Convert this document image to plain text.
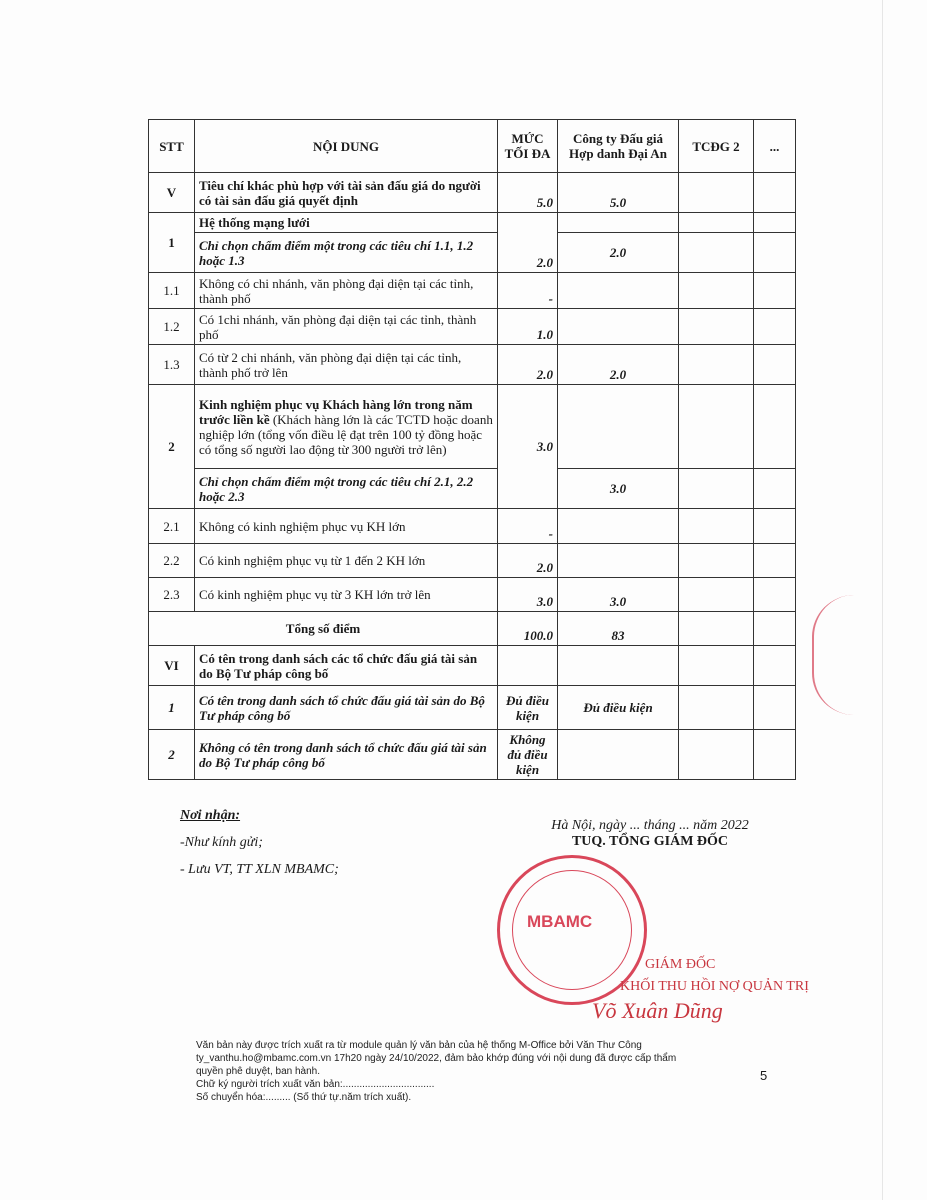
STT	NỘI DUNG	MỨC TỐI ĐA	Công ty Đấu giá Hợp danh Đại An	TCĐG 2	...
V	Tiêu chí khác phù hợp với tài sản đấu giá do người có tài sản đấu giá quyết định	5.0	5.0		
1	Hệ thống mạng lưới	2.0			
	Chỉ chọn chấm điểm một trong các tiêu chí 1.1, 1.2 hoặc 1.3		2.0		
1.1	Không có chi nhánh, văn phòng đại diện tại các tỉnh, thành phố	-			
1.2	Có 1chi nhánh, văn phòng đại diện tại các tỉnh, thành phố	1.0			
1.3	Có từ 2 chi nhánh, văn phòng đại diện tại các tỉnh, thành phố trở lên	2.0	2.0		
2	Kinh nghiệm phục vụ Khách hàng lớn trong năm trước liền kề (Khách hàng lớn là các TCTD hoặc doanh nghiệp lớn (tổng vốn điều lệ đạt trên 100 tỷ đồng hoặc có tổng số người lao động từ 300 người trở lên)	3.0			
	Chỉ chọn chấm điểm một trong các tiêu chí 2.1, 2.2 hoặc 2.3		3.0		
2.1	Không có kinh nghiệm phục vụ KH lớn	-			
2.2	Có kinh nghiệm phục vụ từ 1 đến 2 KH lớn	2.0			
2.3	Có kinh nghiệm phục vụ từ 3 KH lớn trở lên	3.0	3.0		
Tổng số điểm		100.0	83		
VI	Có tên trong danh sách các tổ chức đấu giá tài sản do Bộ Tư pháp công bố				
1	Có tên trong danh sách tổ chức đấu giá tài sản do Bộ Tư pháp công bố	Đủ điều kiện	Đủ điều kiện		
2	Không có tên trong danh sách tổ chức đấu giá tài sản do Bộ Tư pháp công bố	Không đủ điều kiện			
Nơi nhận:
-Như kính gửi;
- Lưu VT, TT XLN MBAMC;
Hà Nội, ngày ... tháng ... năm 2022
TUQ. TỔNG GIÁM ĐỐC
MBAMC
GIÁM ĐỐC
KHỐI THU HỒI NỢ QUẢN TRỊ
Võ Xuân Dũng
Văn bản này được trích xuất ra từ module quản lý văn bản của hệ thống M-Office bởi Văn Thư Công
ty_vanthu.ho@mbamc.com.vn 17h20 ngày 24/10/2022, đảm bảo khớp đúng với nội dung đã được cấp thẩm
quyền phê duyệt, ban hành.
Chữ ký người trích xuất văn bản:.................................
Số chuyển hóa:......... (Số thứ tự.năm trích xuất).
5
